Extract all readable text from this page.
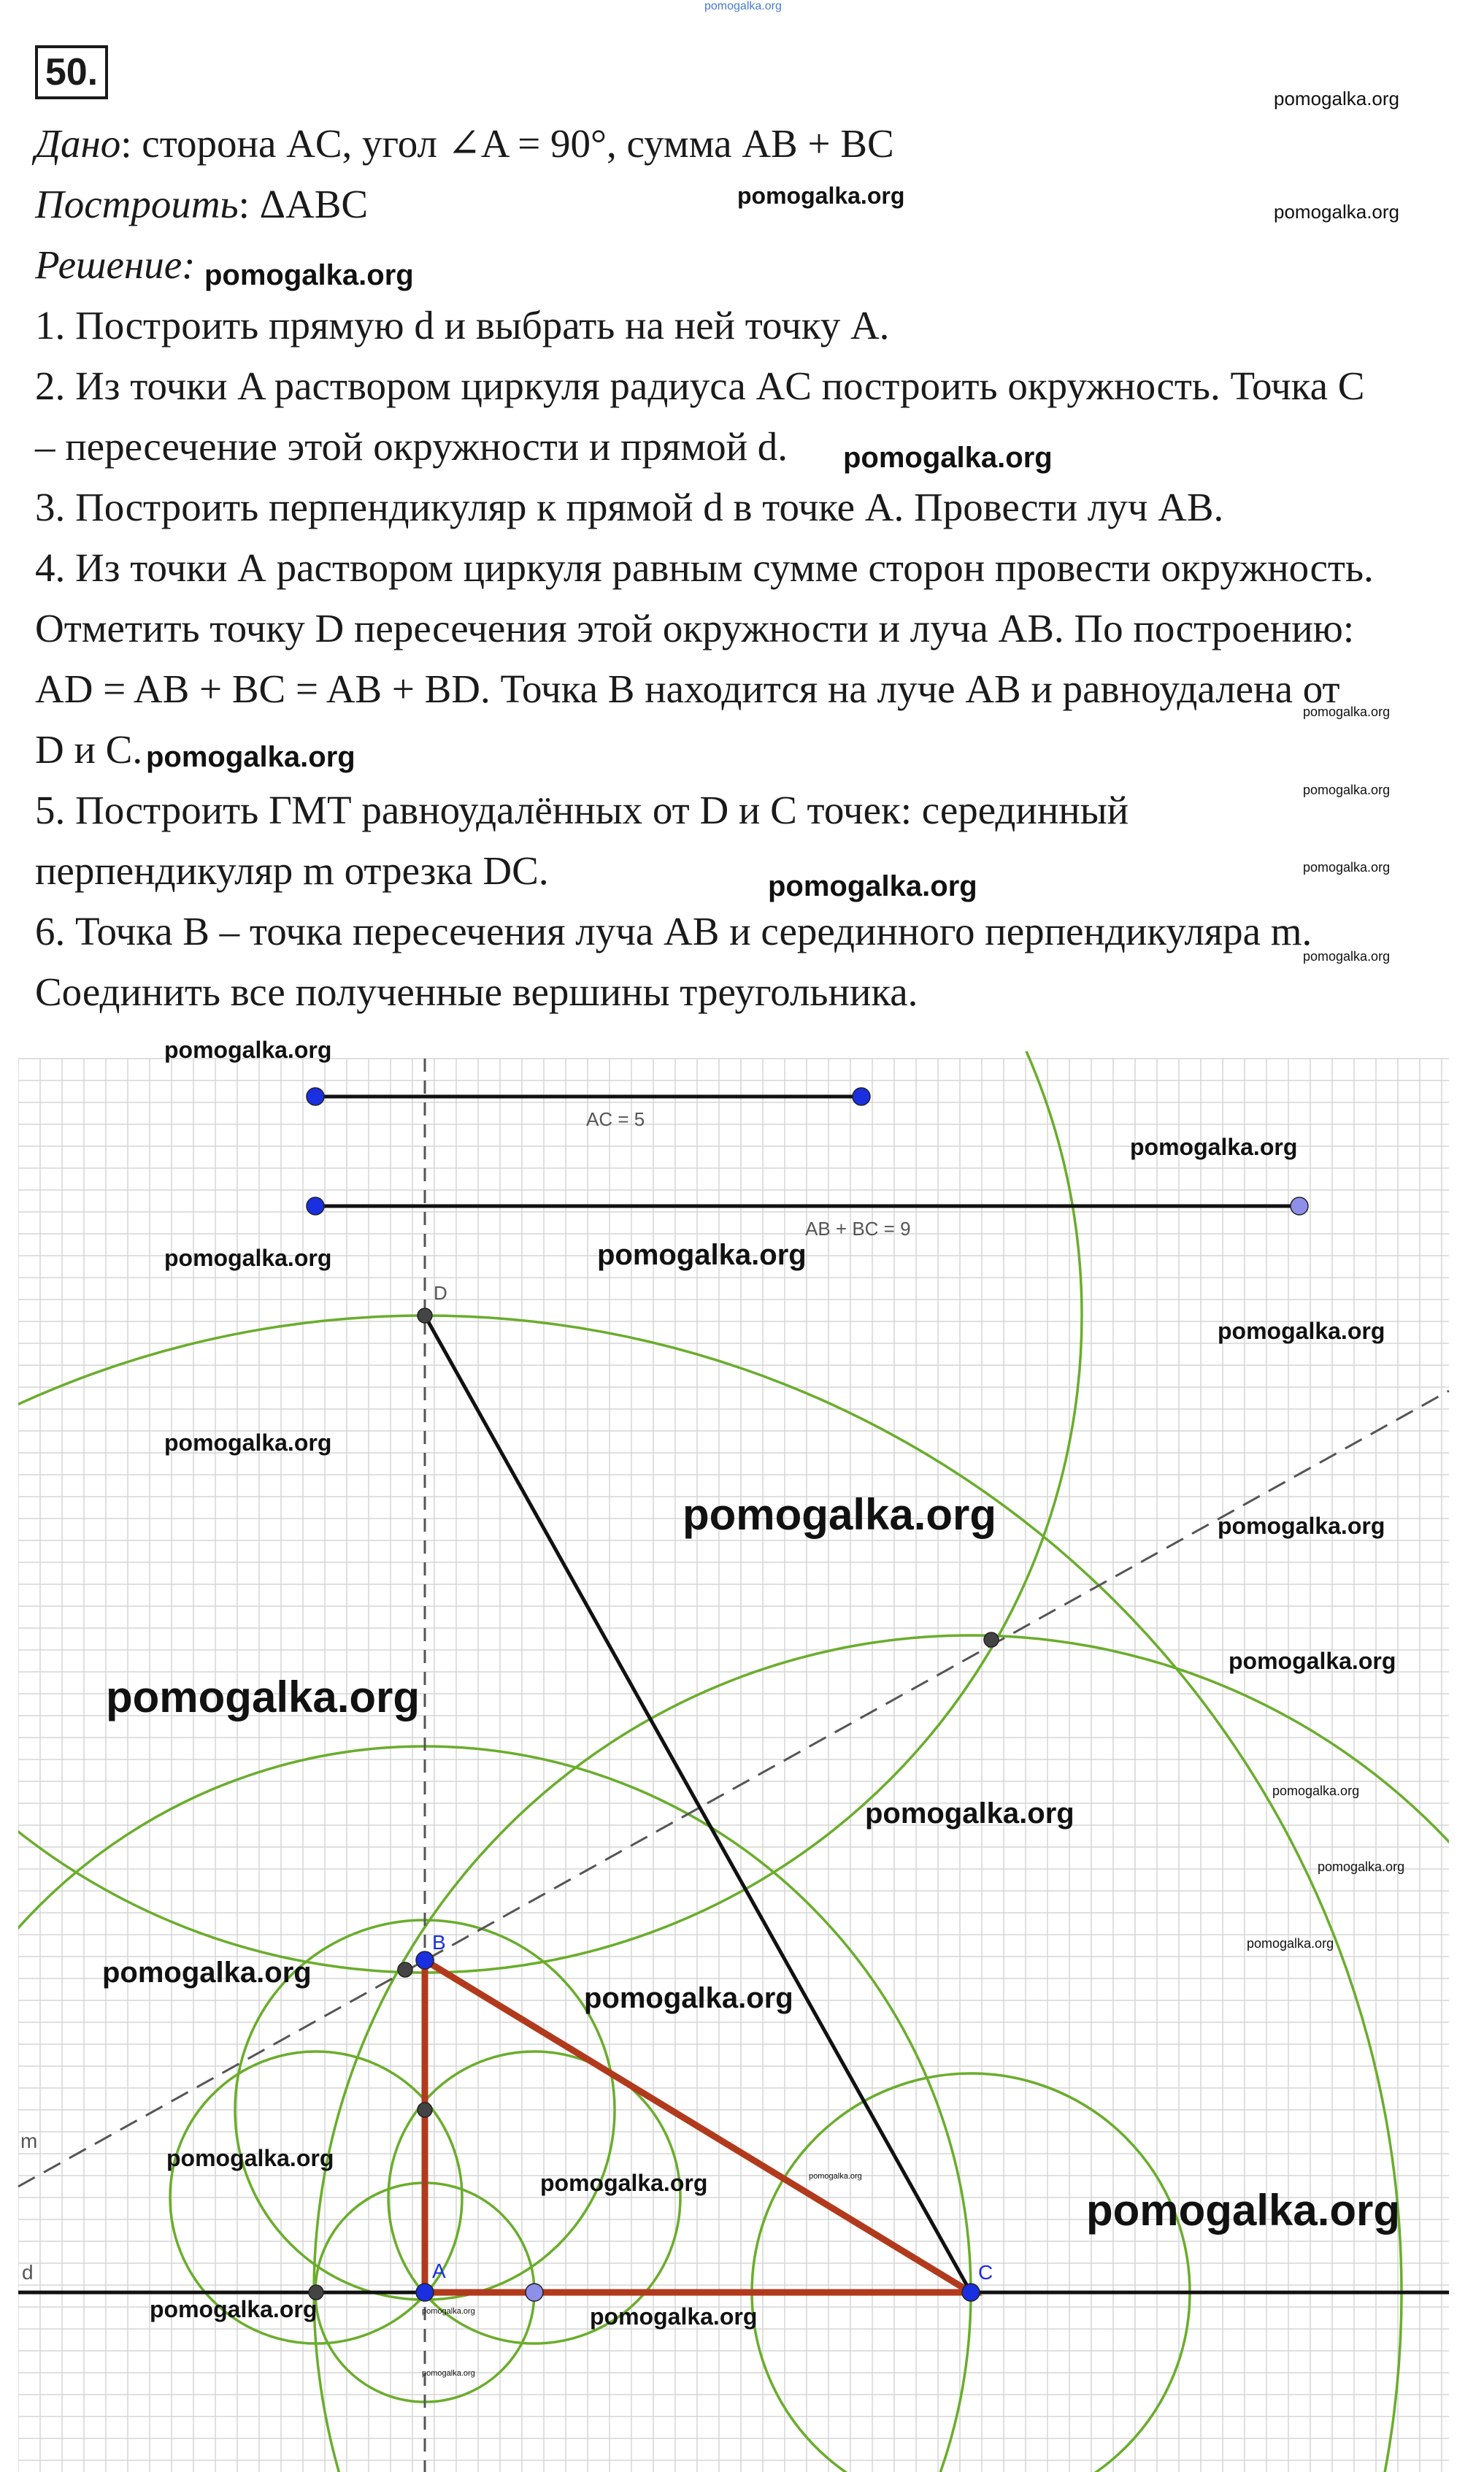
pomogalka.org
50.
Дано: сторона AC, угол ∠A = 90°, сумма AB + BC
Построить: ΔABC
Решение:
1. Построить прямую d и выбрать на ней точку A.
2. Из точки A раствором циркуля радиуса AC построить окружность. Точка C
– пересечение этой окружности и прямой d.
3. Построить перпендикуляр к прямой d в точке A. Провести луч AB.
4. Из точки А раствором циркуля равным сумме сторон провести окружность.
Отметить точку D пересечения этой окружности и луча AB. По построению:
AD = AB + BC = AB + BD. Точка B находится на луче AB и равноудалена от
D и C.
5. Построить ГМТ равноудалённых от D и C точек: серединный
перпендикуляр m отрезка DC.
6. Точка B – точка пересечения луча AB и серединного перпендикуляра m.
Соединить все полученные вершины треугольника.
AC = 5
AB + BC = 9
D
B
A	C
d
m
pomogalka.org
pomogalka.org
pomogalka.org
pomogalka.org
pomogalka.org
pomogalka.org
pomogalka.org
pomogalka.org
pomogalka.org
pomogalka.org
pomogalka.org
pomogalka.org
pomogalka.org
pomogalka.org	pomogalka.org
pomogalka.org
pomogalka.org
pomogalka.org	pomogalka.org
pomogalka.org
pomogalka.org
pomogalka.org
pomogalka.org
pomogalka.org
pomogalka.org
pomogalka.org
pomogalka.org
pomogalka.org
pomogalka.org	pomogalka.org
pomogalka.org
pomogalka.org	pomogalka.org
pomogalka.org
pomogalka.org
